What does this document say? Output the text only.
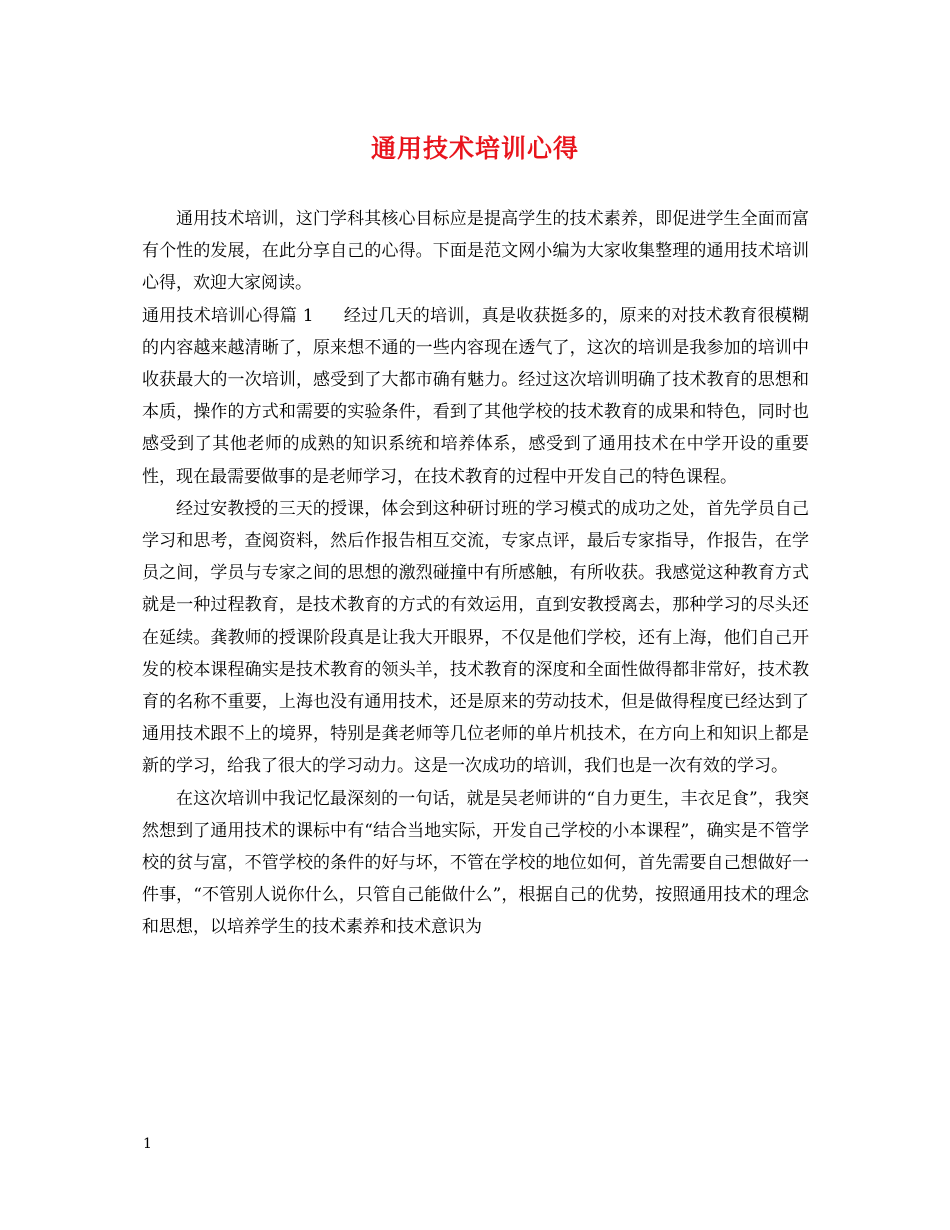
通用技术培训心得

通用技术培训，这门学科其核心目标应是提高学生的技术素养，即促进学生全面而富有个性的发展，在此分享自己的心得。下面是范文网小编为大家收集整理的通用技术培训心得，欢迎大家阅读。

通用技术培训心得篇 1 经过几天的培训，真是收获挺多的，原来的对技术教育很模糊的内容越来越清晰了，原来想不通的一些内容现在透气了，这次的培训是我参加的培训中收获最大的一次培训，感受到了大都市确有魅力。经过这次培训明确了技术教育的思想和本质，操作的方式和需要的实验条件，看到了其他学校的技术教育的成果和特色，同时也感受到了其他老师的成熟的知识系统和培养体系，感受到了通用技术在中学开设的重要性，现在最需要做事的是老师学习，在技术教育的过程中开发自己的特色课程。

经过安教授的三天的授课，体会到这种研讨班的学习模式的成功之处，首先学员自己学习和思考，查阅资料，然后作报告相互交流，专家点评，最后专家指导，作报告，在学员之间，学员与专家之间的思想的激烈碰撞中有所感触，有所收获。我感觉这种教育方式就是一种过程教育，是技术教育的方式的有效运用，直到安教授离去，那种学习的尽头还在延续。龚教师的授课阶段真是让我大开眼界，不仅是他们学校，还有上海，他们自己开发的校本课程确实是技术教育的领头羊，技术教育的深度和全面性做得都非常好，技术教育的名称不重要，上海也没有通用技术，还是原来的劳动技术，但是做得程度已经达到了通用技术跟不上的境界，特别是龚老师等几位老师的单片机技术，在方向上和知识上都是新的学习，给我了很大的学习动力。这是一次成功的培训，我们也是一次有效的学习。

在这次培训中我记忆最深刻的一句话，就是吴老师讲的“自力更生，丰衣足食”，我突然想到了通用技术的课标中有“结合当地实际，开发自己学校的小本课程”，确实是不管学校的贫与富，不管学校的条件的好与坏，不管在学校的地位如何，首先需要自己想做好一件事，“不管别人说你什么，只管自己能做什么”，根据自己的优势，按照通用技术的理念和思想，以培养学生的技术素养和技术意识为

1
